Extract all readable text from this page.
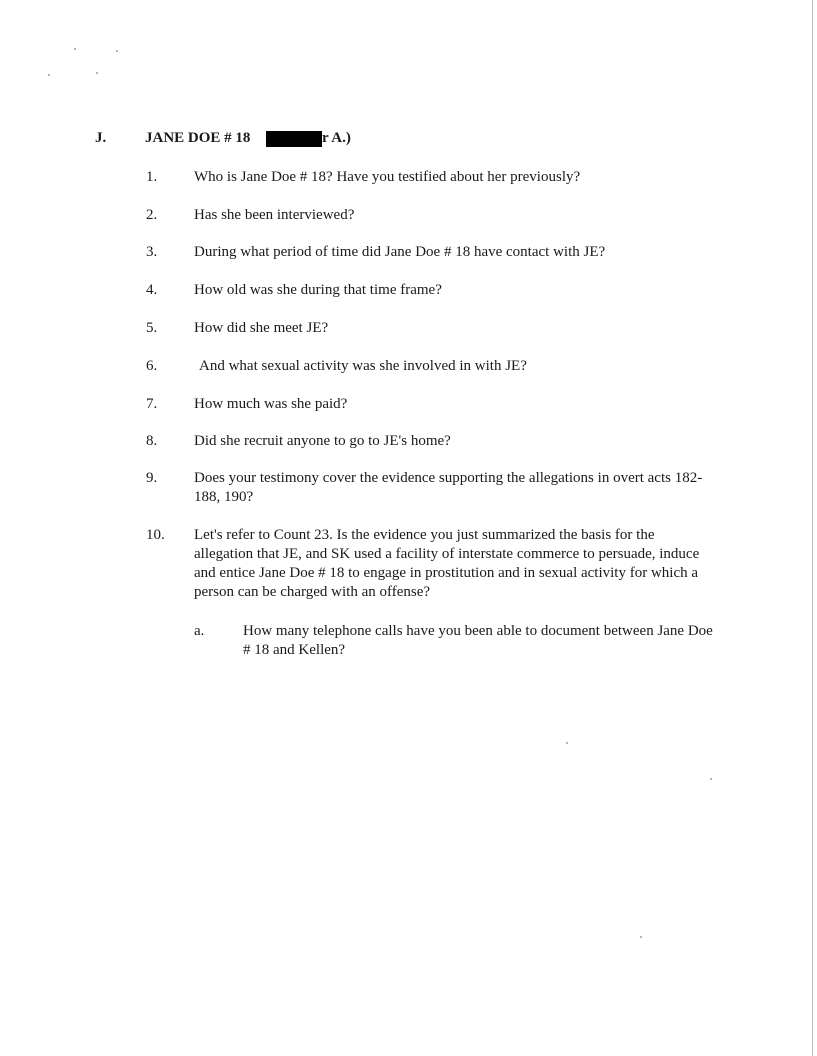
J.	JANE DOE # 18	r A.)
1. Who is Jane Doe # 18? Have you testified about her previously?
2. Has she been interviewed?
3. During what period of time did Jane Doe # 18 have contact with JE?
4. How old was she during that time frame?
5. How did she meet JE?
6.	And what sexual activity was she involved in with JE?
7. How much was she paid?
8. Did she recruit anyone to go to JE's home?
9. Does your testimony cover the evidence supporting the allegations in overt acts 182-188, 190?
10. Let's refer to Count 23. Is the evidence you just summarized the basis for the allegation that JE, and SK used a facility of interstate commerce to persuade, induce and entice Jane Doe # 18 to engage in prostitution and in sexual activity for which a person can be charged with an offense?
a.	How many telephone calls have you been able to document between Jane Doe # 18 and Kellen?
